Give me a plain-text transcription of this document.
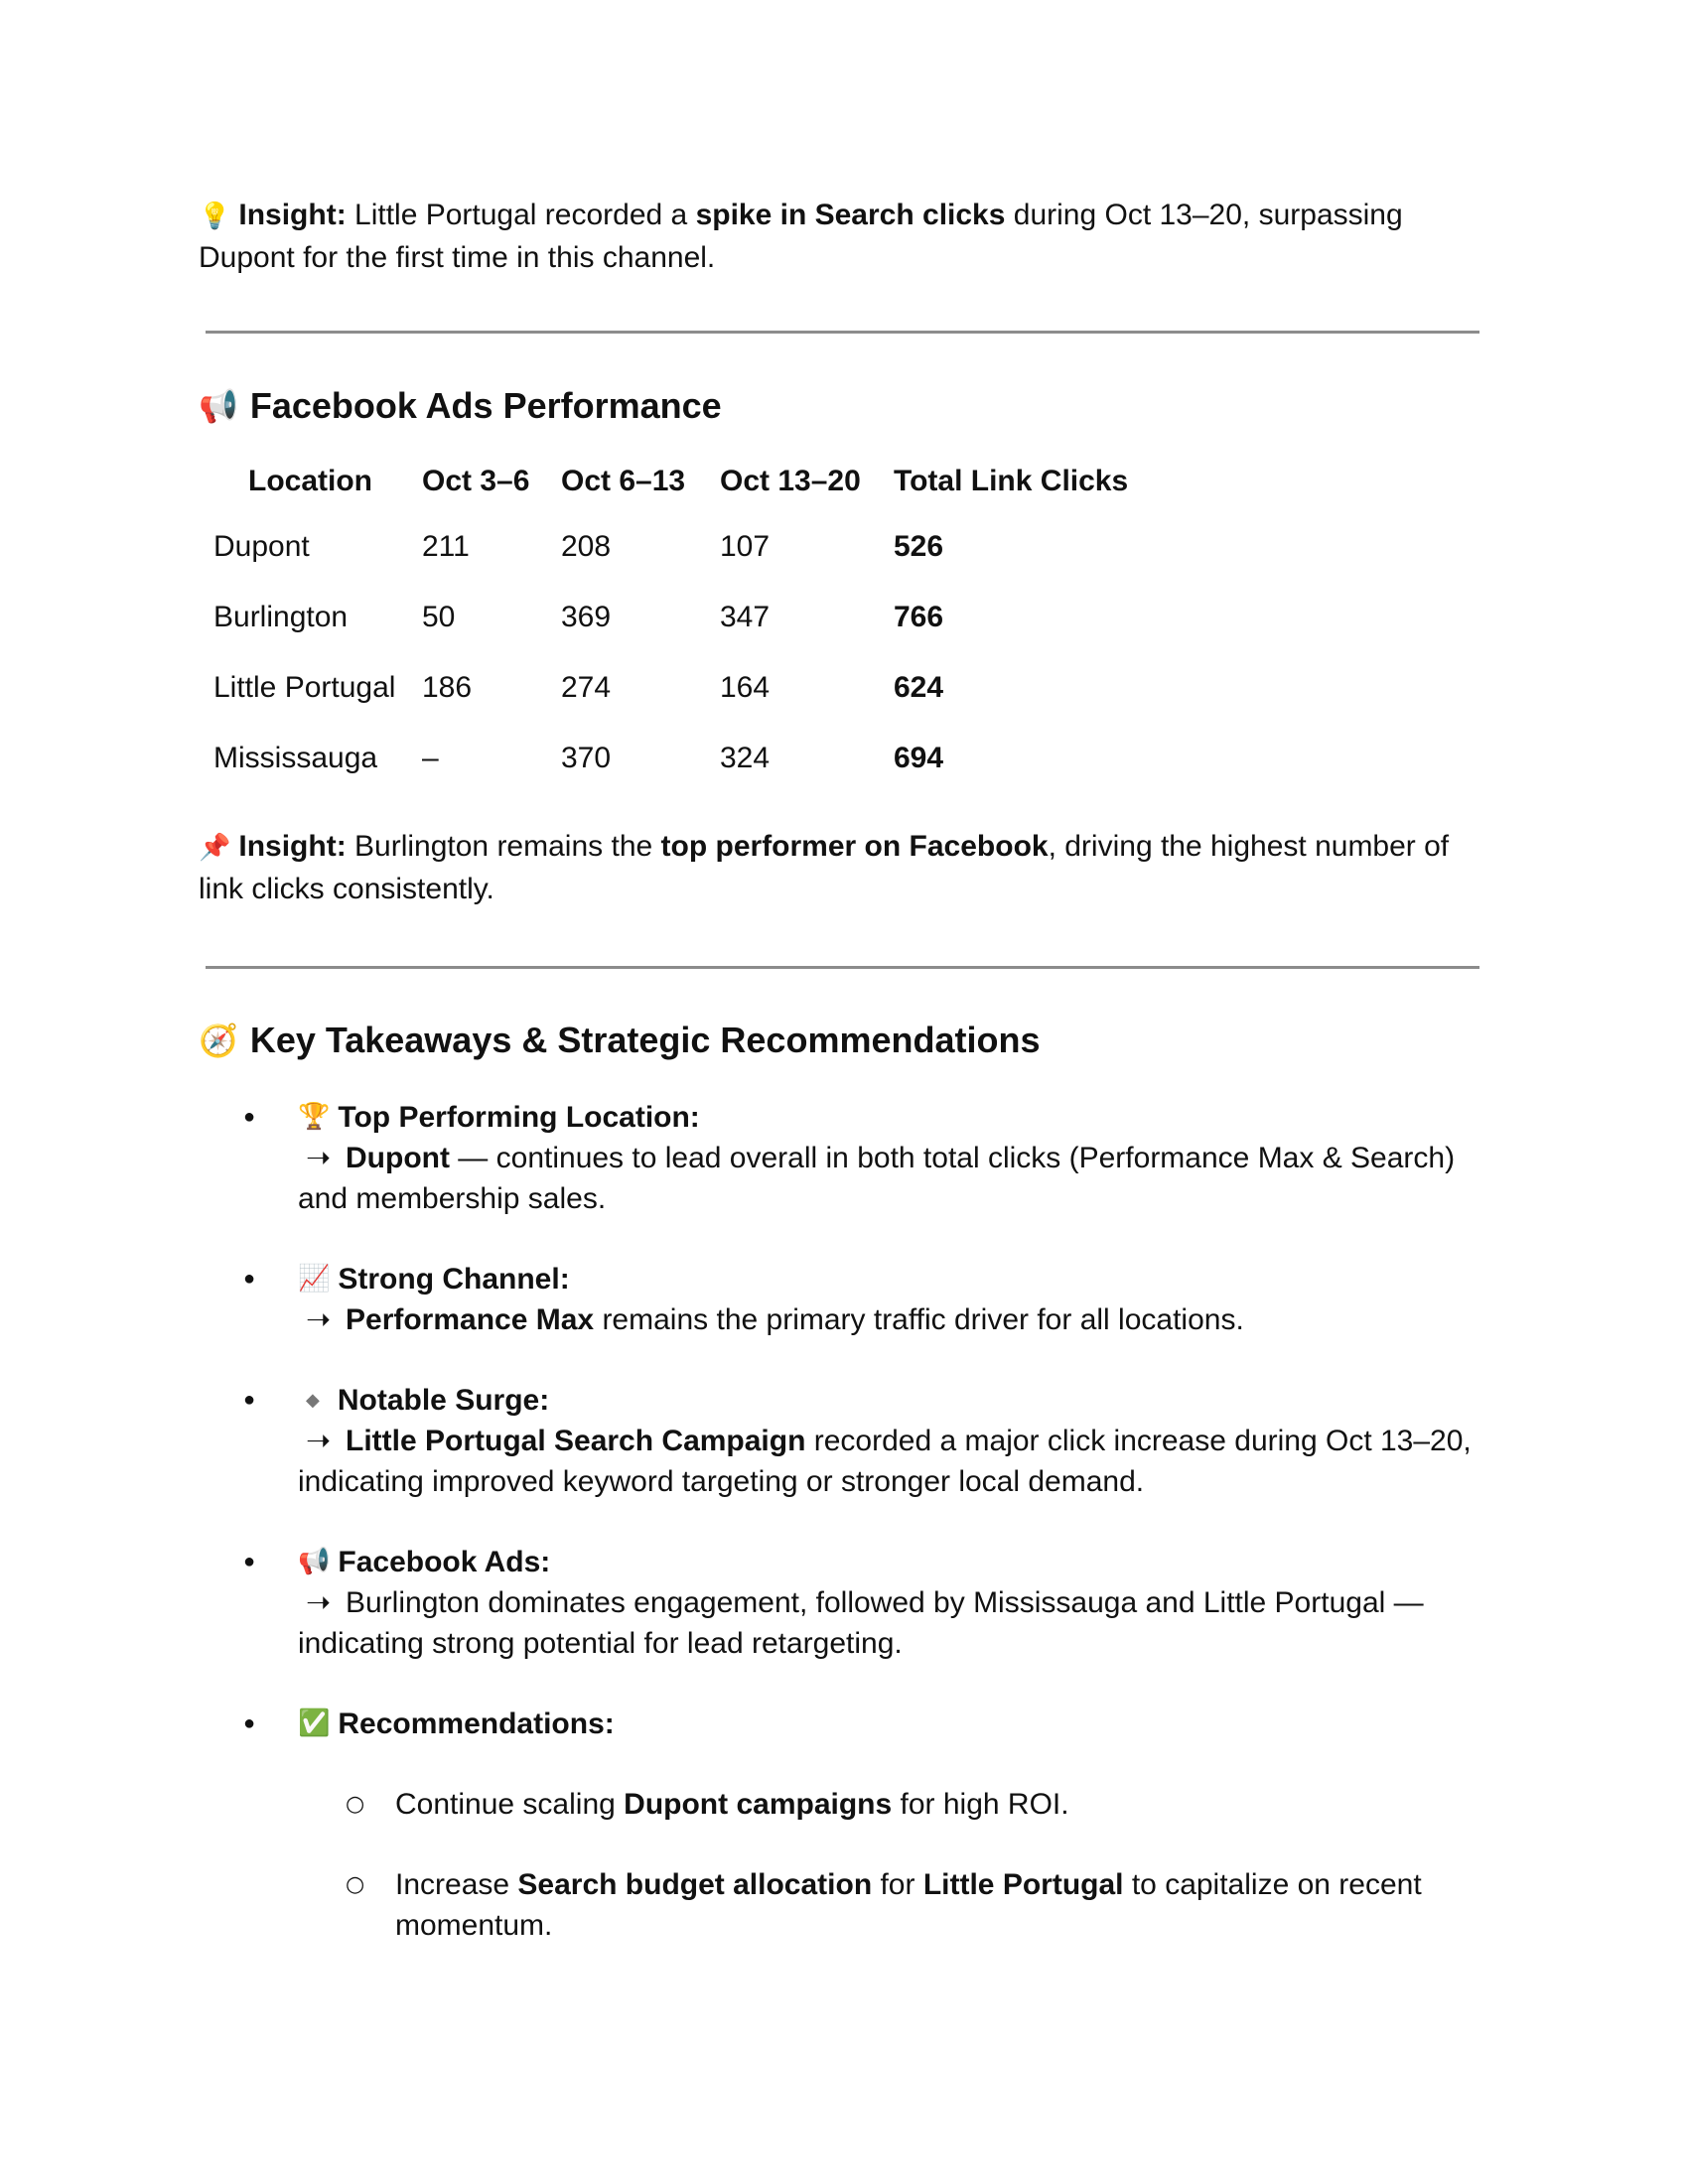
💡 Insight: Little Portugal recorded a spike in Search clicks during Oct 13–20, surpassing Dupont for the first time in this channel.

📢 Facebook Ads Performance
Location	Oct 3–6	Oct 6–13	Oct 13–20	Total Link Clicks
Dupont	211	208	107	526
Burlington	50	369	347	766
Little Portugal	186	274	164	624
Mississauga	–	370	324	694

📌 Insight: Burlington remains the top performer on Facebook, driving the highest number of link clicks consistently.

🧭 Key Takeaways & Strategic Recommendations
● 🏆 Top Performing Location:
➝ Dupont — continues to lead overall in both total clicks (Performance Max & Search) and membership sales.
● 📈 Strong Channel:
➝ Performance Max remains the primary traffic driver for all locations.
● ◆ Notable Surge:
➝ Little Portugal Search Campaign recorded a major click increase during Oct 13–20, indicating improved keyword targeting or stronger local demand.
● 📢 Facebook Ads:
➝ Burlington dominates engagement, followed by Mississauga and Little Portugal — indicating strong potential for lead retargeting.
● ✅ Recommendations:
○ Continue scaling Dupont campaigns for high ROI.
○ Increase Search budget allocation for Little Portugal to capitalize on recent momentum.
